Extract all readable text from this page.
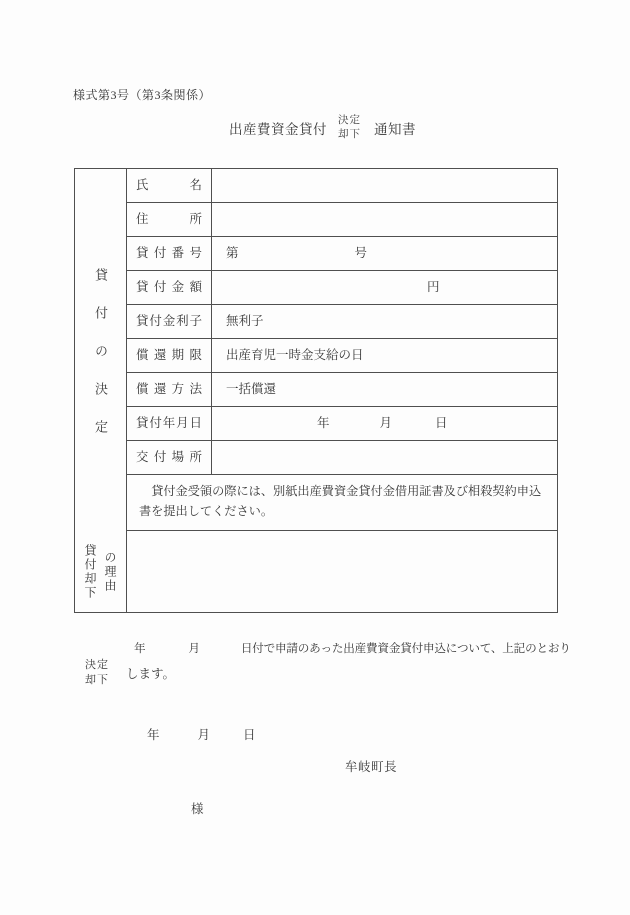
様式第3号（第3条関係）
出産費資金貸付
決定
却下 通知書
貸付の決定
氏名
住所
貸付番号	第	号
貸付金額	円
貸付金利子	無利子
償還期限	出産育児一時金支給の日
償還方法	一括償還
貸付年月日	年	月	日
交付場所
貸付金受領の際には、別紙出産費資金貸付金借用証書及び相殺契約申込書を提出してください。
貸付却下 の理由
年	月	日付で申請のあった出産費資金貸付申込について、上記のとおり
決定
却下 します。
年	月	日
牟岐町長
様
